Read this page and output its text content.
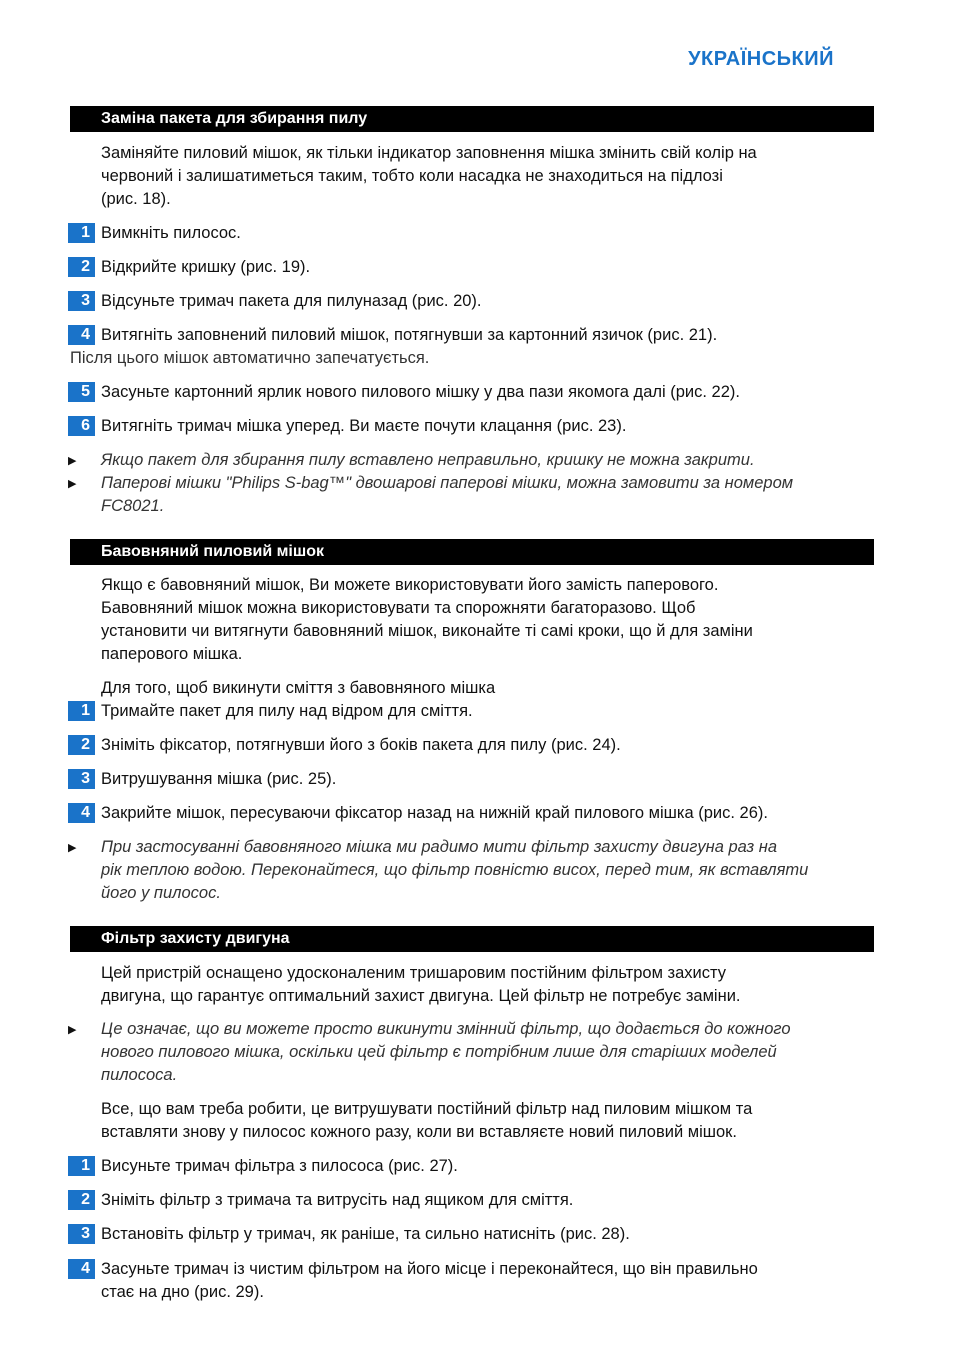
УКРАЇНСЬКИЙ
Заміна пакета для збирання пилу

Заміняйте пиловий мішок, як тільки індикатор заповнення мішка змінить свій колір на

червоний і залишатиметься таким, тобто коли насадка не знаходиться на підлозі

(рис. 18).

1 Вимкніть пилосос.

2 Відкрийте кришку (рис. 19).

3 Відсуньте тримач пакета для пилуназад (рис. 20).

4 Витягніть заповнений пиловий мішок, потягнувши за картонний язичок (рис. 21).

Після цього мішок автоматично запечатується.

5 Засуньте картонний ярлик нового пилового мішку у два пази якомога далі (рис. 22).

6 Витягніть тримач мішка уперед. Ви маєте почути клацання (рис. 23).

▶ Якщо пакет для збирання пилу вставлено неправильно, кришку не можна закрити.

▶ Паперові мішки "Philips S-bag™" двошарові паперові мішки, можна замовити за номером

FC8021.

Бавовняний пиловий мішок

Якщо є бавовняний мішок, Ви можете використовувати його замість паперового.

Бавовняний мішок можна використовувати та спорожняти багаторазово. Щоб

установити чи витягнути бавовняний мішок, виконайте ті самі кроки, що й для заміни

паперового мішка.

Для того, щоб викинути сміття з бавовняного мішка

1 Тримайте пакет для пилу над відром для сміття.

2 Зніміть фіксатор, потягнувши його з боків пакета для пилу (рис. 24).

3 Витрушування мішка (рис. 25).

4 Закрийте мішок, пересуваючи фіксатор назад на нижній край пилового мішка (рис. 26).

▶ При застосуванні бавовняного мішка ми радимо мити фільтр захисту двигуна раз на

рік теплою водою. Переконайтеся, що фільтр повністю висох, перед тим, як вставляти

його у пилосос.

Фільтр захисту двигуна

Цей пристрій оснащено удосконаленим тришаровим постійним фільтром захисту

двигуна, що гарантує оптимальний захист двигуна. Цей фільтр не потребує заміни.

▶ Це означає, що ви можете просто викинути змінний фільтр, що додається до кожного

нового пилового мішка, оскільки цей фільтр є потрібним лише для старіших моделей

пилососа.

Все, що вам треба робити, це витрушувати постійний фільтр над пиловим мішком та

вставляти знову у пилосос кожного разу, коли ви вставляєте новий пиловий мішок.

1 Висуньте тримач фільтра з пилососа (рис. 27).

2 Зніміть фільтр з тримача та витрусіть над ящиком для сміття.

3 Встановіть фільтр у тримач, як раніше, та сильно натисніть (рис. 28).

4 Засуньте тримач із чистим фільтром на його місце і переконайтеся, що він правильно

стає на дно (рис. 29).
